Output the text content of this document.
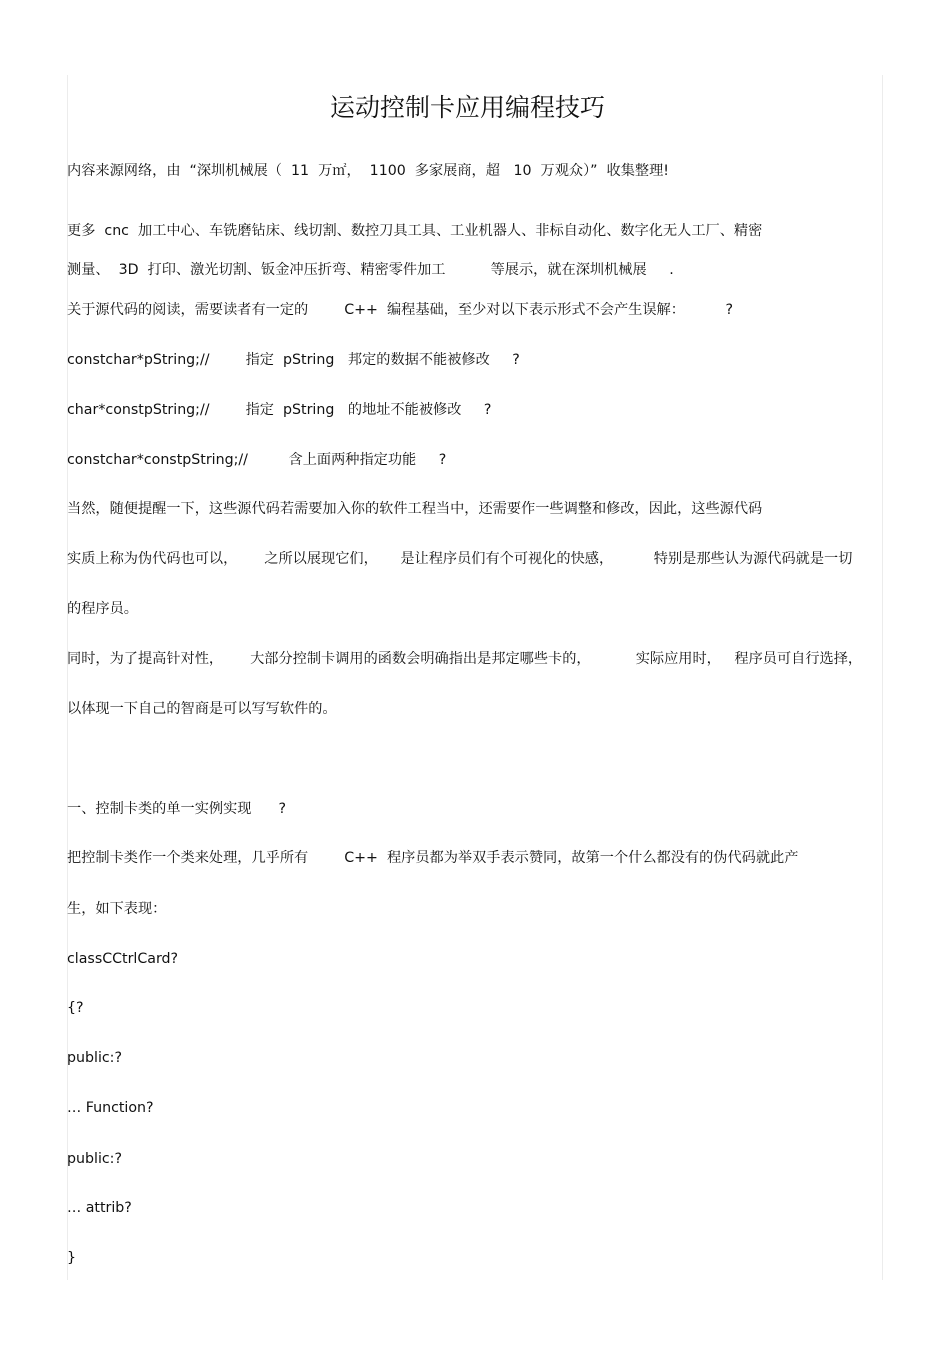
运动控制卡应用编程技巧
内容来源网络，由  “深圳机械展（  11  万㎡，  1100  多家展商，超   10  万观众）”  收集整理!
更多  cnc  加工中心、车铣磨钻床、线切割、数控刀具工具、工业机器人、非标自动化、数字化无人工厂、精密
测量、  3D  打印、激光切割、钣金冲压折弯、精密零件加工          等展示，就在深圳机械展     .
关于源代码的阅读，需要读者有一定的        C++  编程基础，至少对以下表示形式不会产生误解：         ?
constchar*pString;//        指定  pString   邦定的数据不能被修改     ?
char*constpString;//        指定  pString   的地址不能被修改     ?
constchar*constpString;//         含上面两种指定功能     ?
当然，随便提醒一下，这些源代码若需要加入你的软件工程当中，还需要作一些调整和修改，因此，这些源代码
实质上称为伪代码也可以，      之所以展现它们，     是让程序员们有个可视化的快感，         特别是那些认为源代码就是一切
的程序员。
同时，为了提高针对性，      大部分控制卡调用的函数会明确指出是邦定哪些卡的，          实际应用时，   程序员可自行选择，
以体现一下自己的智商是可以写写软件的。
一、控制卡类的单一实例实现      ?
把控制卡类作一个类来处理，几乎所有        C++  程序员都为举双手表示赞同，故第一个什么都没有的伪代码就此产
生，如下表现：
classCCtrlCard?
{?
public:?
… Function?
public:?
… attrib?
}
